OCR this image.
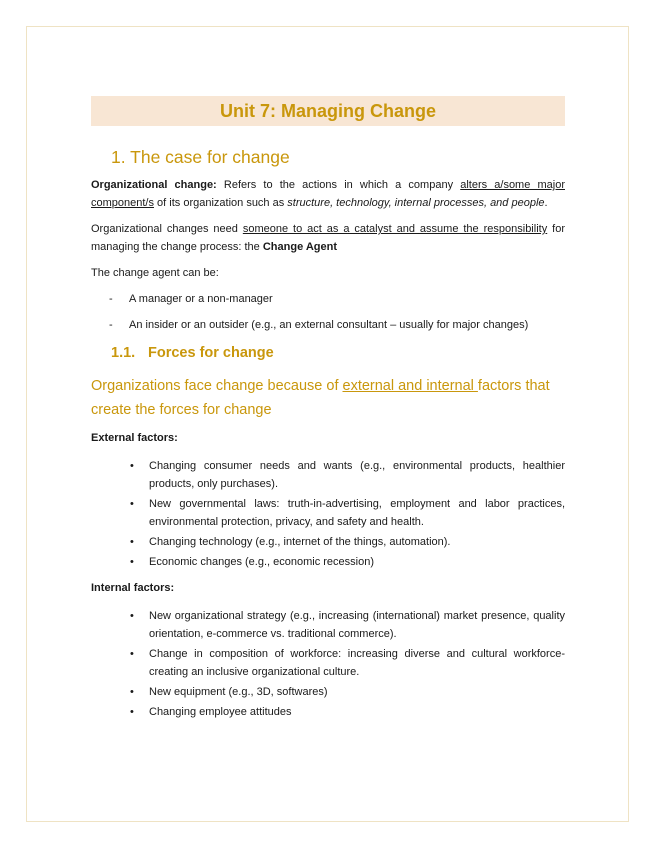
Unit 7: Managing Change
1. The case for change

Organizational change: Refers to the actions in which a company alters a/some major component/s of its organization such as structure, technology, internal processes, and people.

Organizational changes need someone to act as a catalyst and assume the responsibility for managing the change process: the Change Agent

The change agent can be:

- A manager or a non-manager
- An insider or an outsider (e.g., an external consultant – usually for major changes)
1.1. Forces for change
Organizations face change because of external and internal factors that create the forces for change
External factors:
• Changing consumer needs and wants (e.g., environmental products, healthier products, only purchases).
• New governmental laws: truth-in-advertising, employment and labor practices, environmental protection, privacy, and safety and health.
• Changing technology (e.g., internet of the things, automation).
• Economic changes (e.g., economic recession)
Internal factors:
• New organizational strategy (e.g., increasing (international) market presence, quality orientation, e-commerce vs. traditional commerce).
• Change in composition of workforce: increasing diverse and cultural workforce- creating an inclusive organizational culture.
• New equipment (e.g., 3D, softwares)
• Changing employee attitudes
